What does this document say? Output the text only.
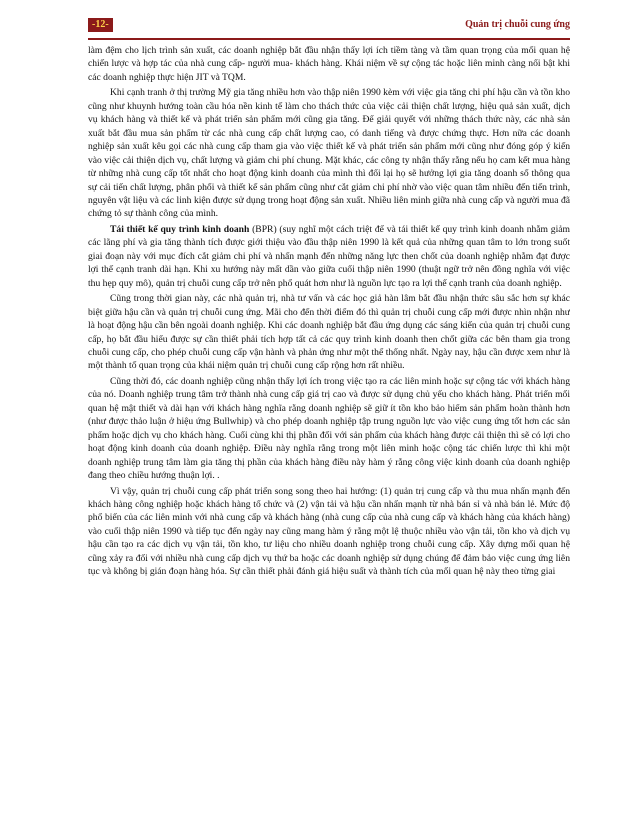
-12-	Quản trị chuỗi cung ứng

làm đệm cho lịch trình sản xuất, các doanh nghiệp bắt đầu nhận thấy lợi ích tiềm tàng và tầm quan trọng của mối quan hệ chiến lược và hợp tác của nhà cung cấp- người mua- khách hàng. Khái niệm về sự cộng tác hoặc liên minh càng nổi bật khi các doanh nghiệp thực hiện JIT và TQM.

Khi cạnh tranh ở thị trường Mỹ gia tăng nhiều hơn vào thập niên 1990 kèm với việc gia tăng chi phí hậu cần và tồn kho cũng như khuynh hướng toàn cầu hóa nền kinh tế làm cho thách thức của việc cải thiện chất lượng, hiệu quả sản xuất, dịch vụ khách hàng và thiết kế và phát triển sản phẩm mới cũng gia tăng. Để giải quyết với những thách thức này, các nhà sản xuất bắt đầu mua sản phẩm từ các nhà cung cấp chất lượng cao, có danh tiếng và được chứng thực. Hơn nữa các doanh nghiệp sản xuất kêu gọi các nhà cung cấp tham gia vào việc thiết kế và phát triển sản phẩm mới cũng như đóng góp ý kiến vào việc cải thiện dịch vụ, chất lượng và giảm chi phí chung. Mặt khác, các công ty nhận thấy rằng nếu họ cam kết mua hàng từ những nhà cung cấp tốt nhất cho hoạt động kinh doanh của mình thì đổi lại họ sẽ hưởng lợi gia tăng doanh số thông qua sự cải tiến chất lượng, phân phối và thiết kế sản phẩm cũng như cắt giảm chi phí nhờ vào việc quan tâm nhiều đến tiến trình, nguyên vật liệu và các linh kiện được sử dụng trong hoạt động sản xuất. Nhiều liên minh giữa nhà cung cấp và người mua đã chứng tỏ sự thành công của mình.

Tái thiết kế quy trình kinh doanh (BPR) (suy nghĩ một cách triệt để và tái thiết kế quy trình kinh doanh nhằm giảm các lãng phí và gia tăng thành tích được giới thiệu vào đầu thập niên 1990 là kết quả của những quan tâm to lớn trong suốt giai đoạn này với mục đích cắt giảm chi phí và nhấn mạnh đến những năng lực then chốt của doanh nghiệp nhằm đạt được lợi thế cạnh tranh dài hạn. Khi xu hướng này mất dần vào giữa cuối thập niên 1990 (thuật ngữ trở nên đồng nghĩa với việc thu hẹp quy mô), quản trị chuỗi cung cấp trở nên phổ quát hơn như là nguồn lực tạo ra lợi thế cạnh tranh của doanh nghiệp.

Cũng trong thời gian này, các nhà quản trị, nhà tư vấn và các học giả hàn lâm bắt đầu nhận thức sâu sắc hơn sự khác biệt giữa hậu cần và quản trị chuỗi cung ứng. Mãi cho đến thời điểm đó thì quản trị chuỗi cung cấp mới được nhìn nhận như là hoạt động hậu cần bên ngoài doanh nghiệp. Khi các doanh nghiệp bắt đầu ứng dụng các sáng kiến của quản trị chuỗi cung cấp, họ bắt đầu hiểu được sự cần thiết phải tích hợp tất cả các quy trình kinh doanh then chốt giữa các bên tham gia trong chuỗi cung cấp, cho phép chuỗi cung cấp vận hành và phản ứng như một thể thống nhất. Ngày nay, hậu cần được xem như là một thành tố quan trọng của khái niệm quản trị chuỗi cung cấp rộng hơn rất nhiều.

Cũng thời đó, các doanh nghiệp cũng nhận thấy lợi ích trong việc tạo ra các liên minh hoặc sự cộng tác với khách hàng của nó. Doanh nghiệp trung tâm trở thành nhà cung cấp giá trị cao và được sử dụng chủ yếu cho khách hàng. Phát triển mối quan hệ mật thiết và dài hạn với khách hàng nghĩa rằng doanh nghiệp sẽ giữ ít tồn kho bảo hiểm sản phẩm hoàn thành hơn (như được thảo luận ở hiệu ứng Bullwhip) và cho phép doanh nghiệp tập trung nguồn lực vào việc cung ứng tốt hơn các sản phẩm hoặc dịch vụ cho khách hàng. Cuối cùng khi thị phần đối với sản phẩm của khách hàng được cải thiện thì sẽ có lợi cho hoạt động kinh doanh của doanh nghiệp. Điều này nghĩa rằng trong một liên minh hoặc cộng tác chiến lược thì khi một doanh nghiệp trung tâm làm gia tăng thị phần của khách hàng điều này hàm ý rằng công việc kinh doanh của doanh nghiệp đang theo chiều hướng thuận lợi. .

Vì vậy, quản trị chuỗi cung cấp phát triển song song theo hai hướng: (1) quản trị cung cấp và thu mua nhấn mạnh đến khách hàng công nghiệp hoặc khách hàng tổ chức và (2) vận tải và hậu cần nhấn mạnh từ nhà bán sỉ và nhà bán lẻ. Mức độ phổ biến của các liên minh với nhà cung cấp và khách hàng (nhà cung cấp của nhà cung cấp và khách hàng của khách hàng) vào cuối thập niên 1990 và tiếp tục đến ngày nay cũng mang hàm ý rằng một lệ thuộc nhiều vào vận tải, tồn kho và dịch vụ hậu cần tạo ra các dịch vụ vận tải, tồn kho, tư liệu cho nhiều doanh nghiệp trong chuỗi cung cấp. Xây dựng mối quan hệ cũng xảy ra đối với nhiều nhà cung cấp dịch vụ thứ ba hoặc các doanh nghiệp sử dụng chúng để đảm bảo việc cung ứng liên tục và không bị gián đoạn hàng hóa. Sự cần thiết phải đánh giá hiệu suất và thành tích của mối quan hệ này theo từng giai
